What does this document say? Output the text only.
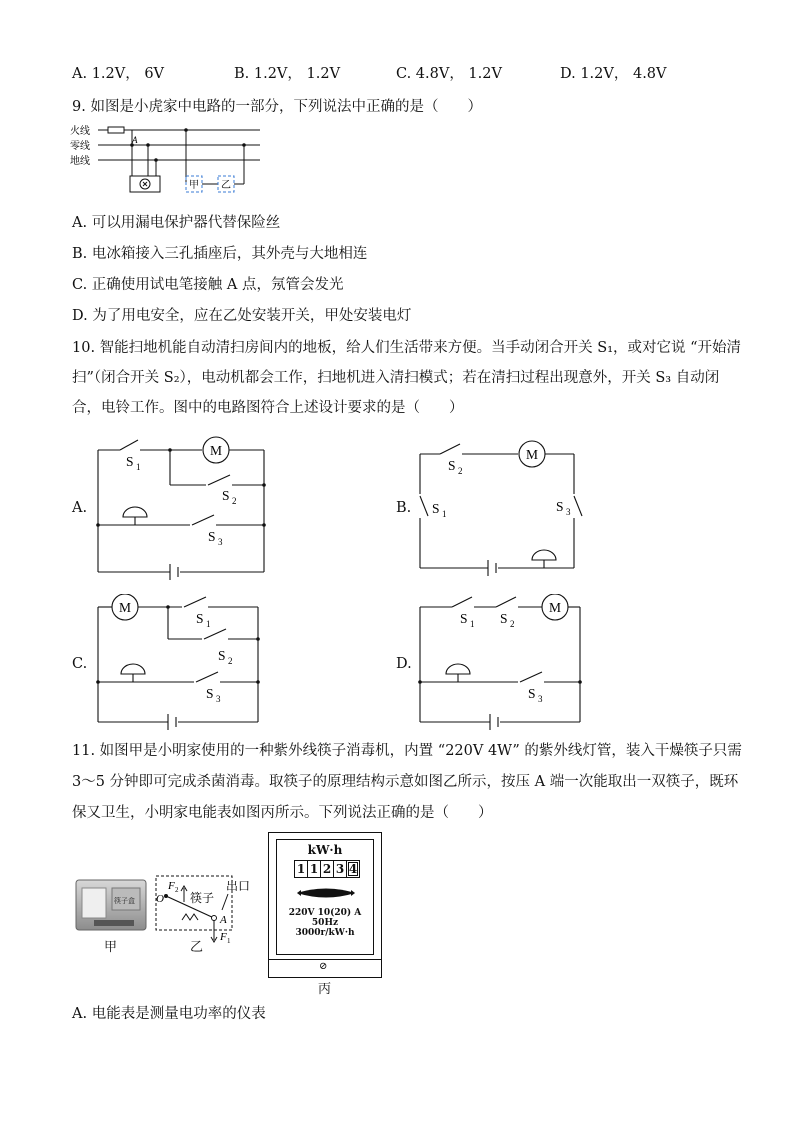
A. 1.2V， 6V	B. 1.2V， 1.2V	C. 4.8V， 1.2V	D. 1.2V， 4.8V
9. 如图是小虎家中电路的一部分，下列说法中正确的是（　　）
火线
零线
地线
A
甲 乙
A. 可以用漏电保护器代替保险丝
B. 电冰箱接入三孔插座后，其外壳与大地相连
C. 正确使用试电笔接触 A 点，氖管会发光
D. 为了用电安全，应在乙处安装开关，甲处安装电灯
10. 智能扫地机能自动清扫房间内的地板，给人们生活带来方便。当手动闭合开关 S₁，或对它说 “开始清
扫”（闭合开关 S₂），电动机都会工作，扫地机进入清扫模式；若在清扫过程出现意外，开关 S₃ 自动闭
合，电铃工作。图中的电路图符合上述设计要求的是（　　）
A.	B.
C.	D.
M
S 1
S 2
S 3
M
S 2
S 1	S 3
M
S 1
S 2
S 3
M
S 1 S 2
S 3
11. 如图甲是小明家使用的一种紫外线筷子消毒机，内置 “220V 4W” 的紫外线灯管，装入干燥筷子只需
3～5 分钟即可完成杀菌消毒。取筷子的原理结构示意如图乙所示，按压 A 端一次能取出一双筷子，既环
保又卫生，小明家电能表如图丙所示。下列说法正确的是（　　）
筷子盒
甲
O
F 2
筷子
出口
A
F 1
乙
kW·h
1 1 2 3 4
220V 10(20) A 50Hz
3000r/kW·h
⊘
丙
A. 电能表是测量电功率的仪表
